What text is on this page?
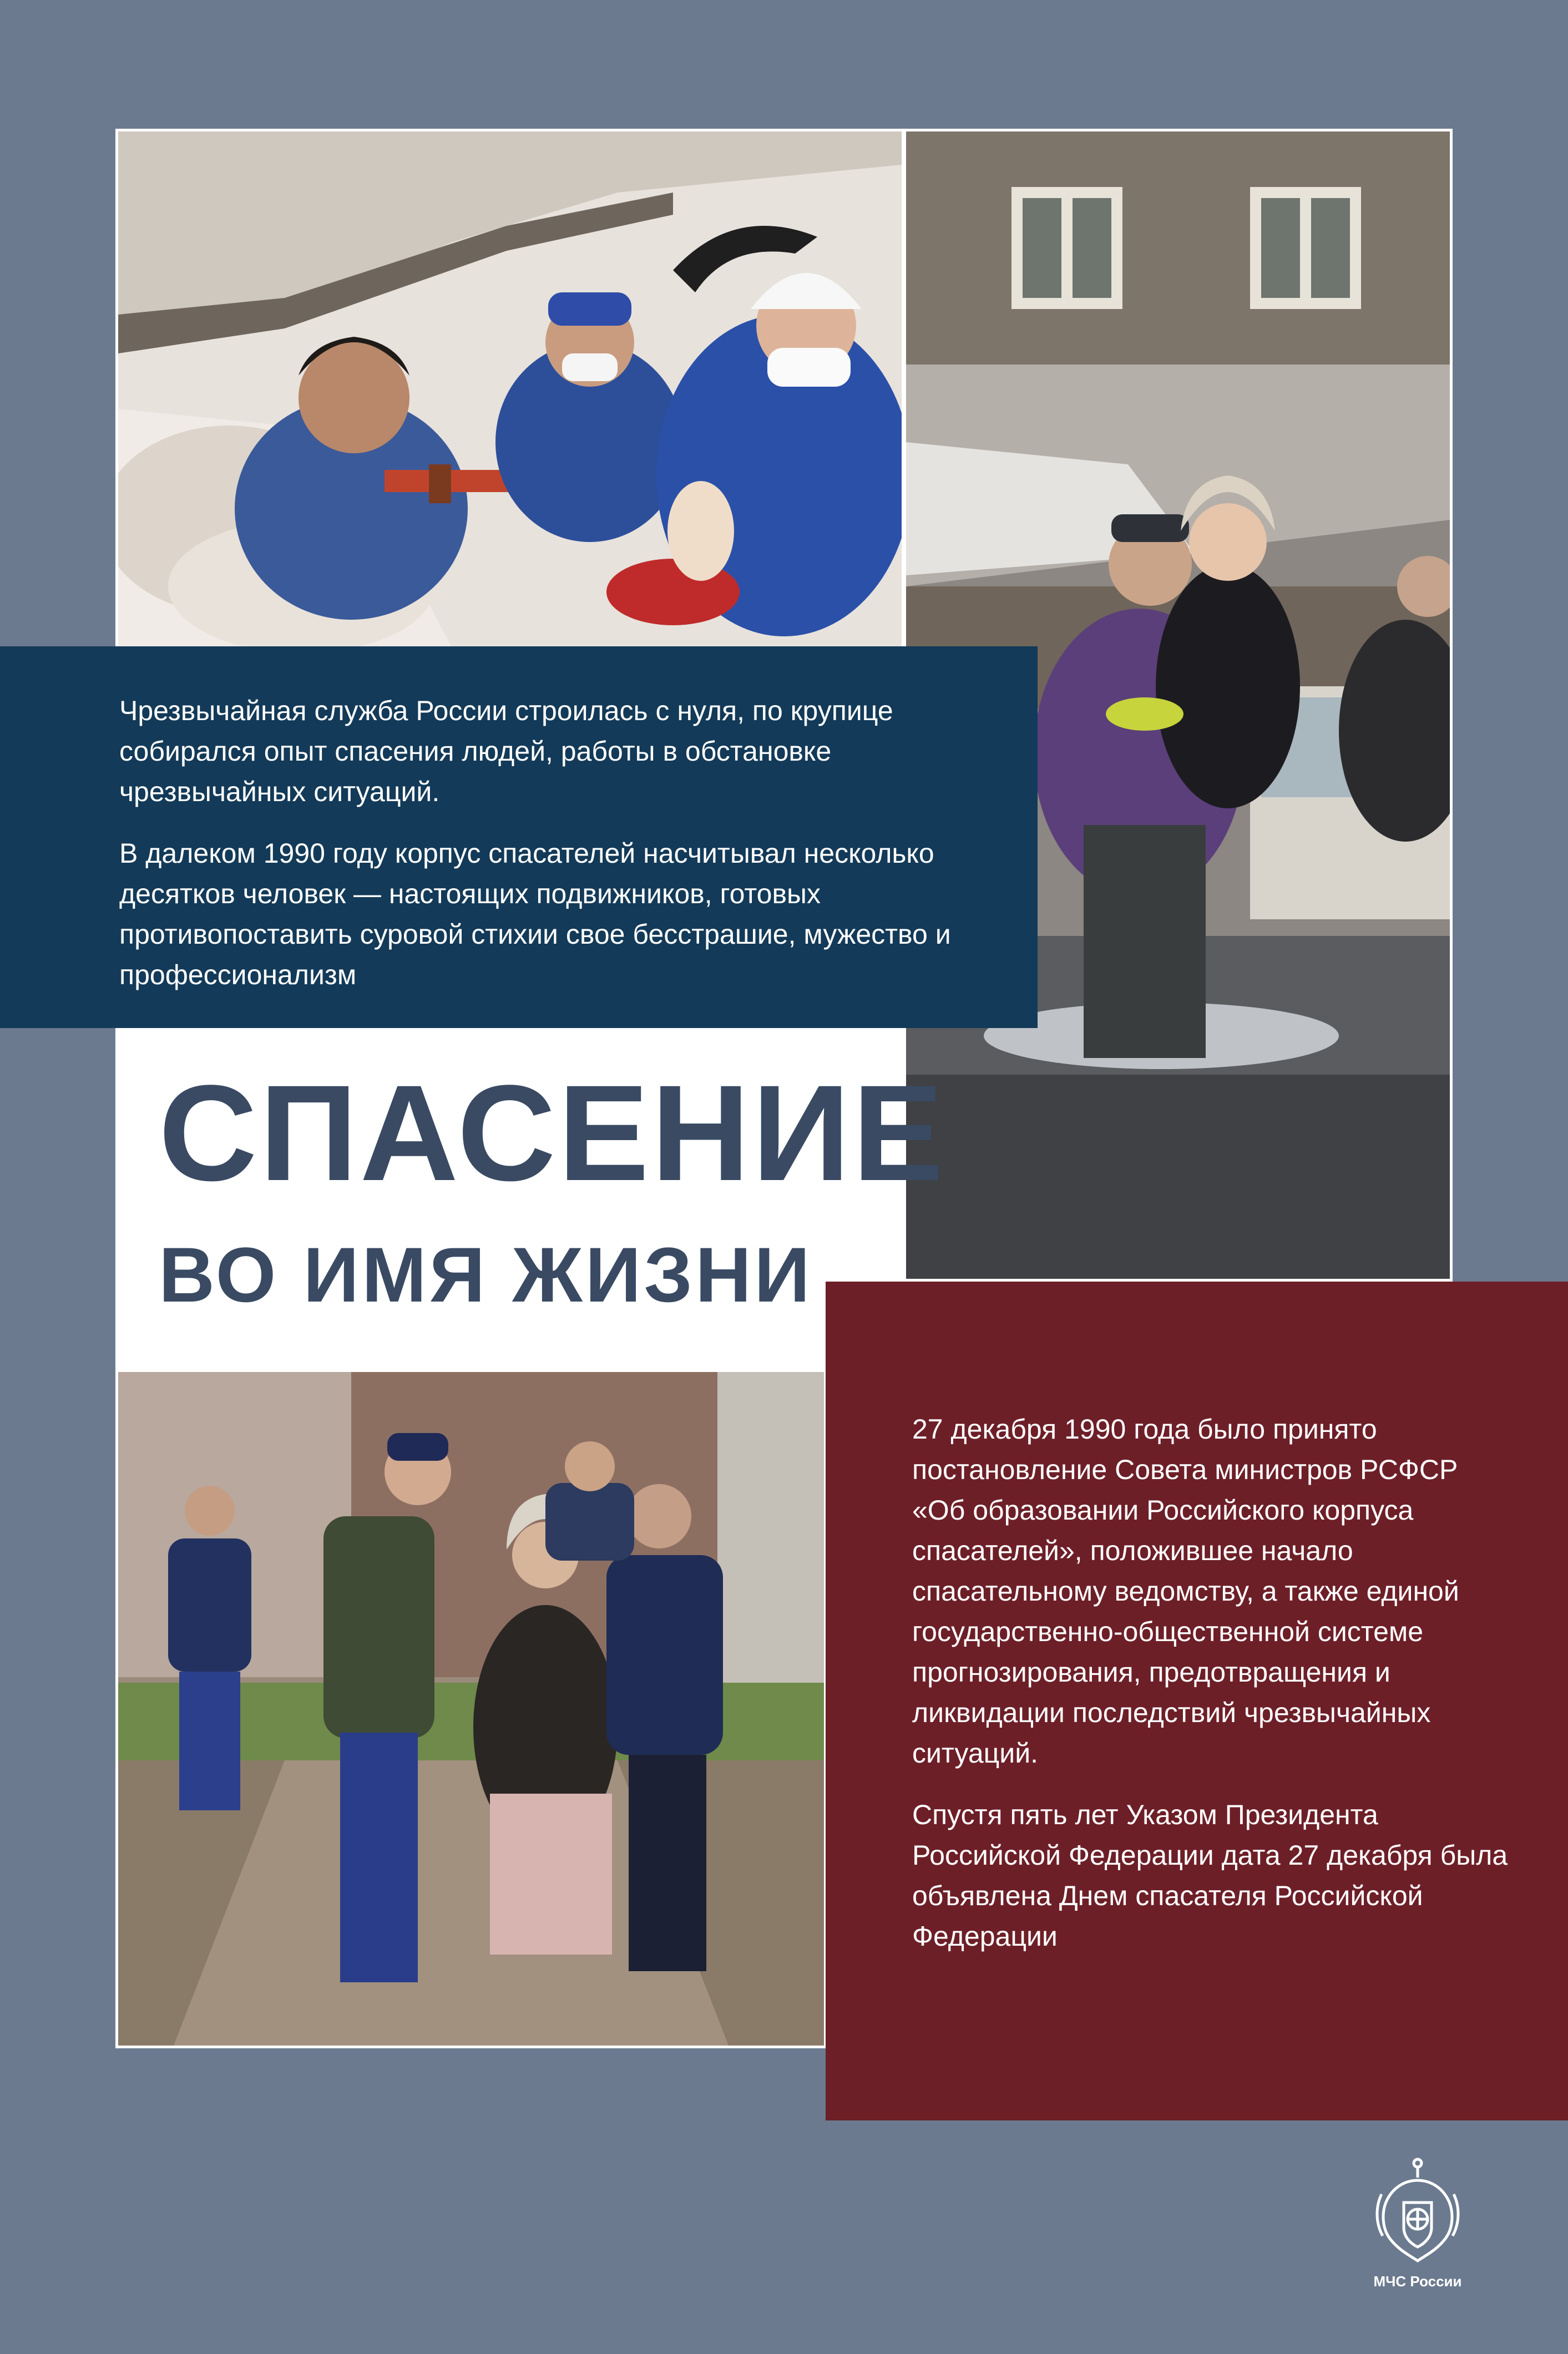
СПАСЕНИЕ
ВО ИМЯ ЖИЗНИ

Чрезвычайная служба России строилась с нуля, по крупице собирался опыт спасения людей, работы в обстановке чрезвычайных ситуаций.

В далеком 1990 году корпус спасателей насчитывал несколько десятков человек — настоящих подвижников, готовых противопоставить суровой стихии свое бесстрашие, мужество и профессионализм

27 декабря 1990 года было принято постановление Совета министров РСФСР «Об образовании Российского корпуса спасателей», положившее начало спасательному ведомству, а также единой государственно-общественной системе прогнозирования, предотвращения и ликвидации последствий чрезвычайных ситуаций.

Спустя пять лет Указом Президента Российской Федерации дата 27 декабря была объявлена Днем спасателя Российской Федерации

МЧС России
